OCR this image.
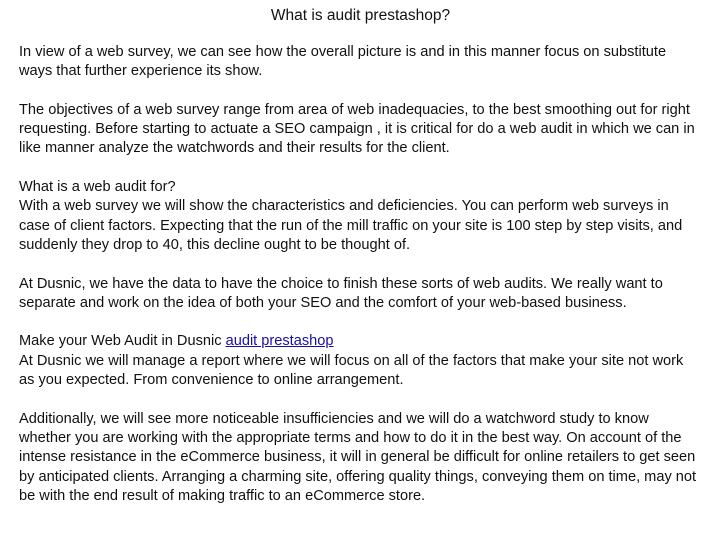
What is audit prestashop?

In view of a web survey, we can see how the overall picture is and in this manner focus on substitute ways that further experience its show.

The objectives of a web survey range from area of web inadequacies, to the best smoothing out for right requesting. Before starting to actuate a SEO campaign , it is critical for do a web audit in which we can in like manner analyze the watchwords and their results for the client.

What is a web audit for?
With a web survey we will show the characteristics and deficiencies. You can perform web surveys in case of client factors. Expecting that the run of the mill traffic on your site is 100 step by step visits, and suddenly they drop to 40, this decline ought to be thought of.

At Dusnic, we have the data to have the choice to finish these sorts of web audits. We really want to separate and work on the idea of both your SEO and the comfort of your web-based business.

Make your Web Audit in Dusnic audit prestashop
At Dusnic we will manage a report where we will focus on all of the factors that make your site not work as you expected. From convenience to online arrangement.

Additionally, we will see more noticeable insufficiencies and we will do a watchword study to know whether you are working with the appropriate terms and how to do it in the best way. On account of the intense resistance in the eCommerce business, it will in general be difficult for online retailers to get seen by anticipated clients. Arranging a charming site, offering quality things, conveying them on time, may not be with the end result of making traffic to an eCommerce store.
